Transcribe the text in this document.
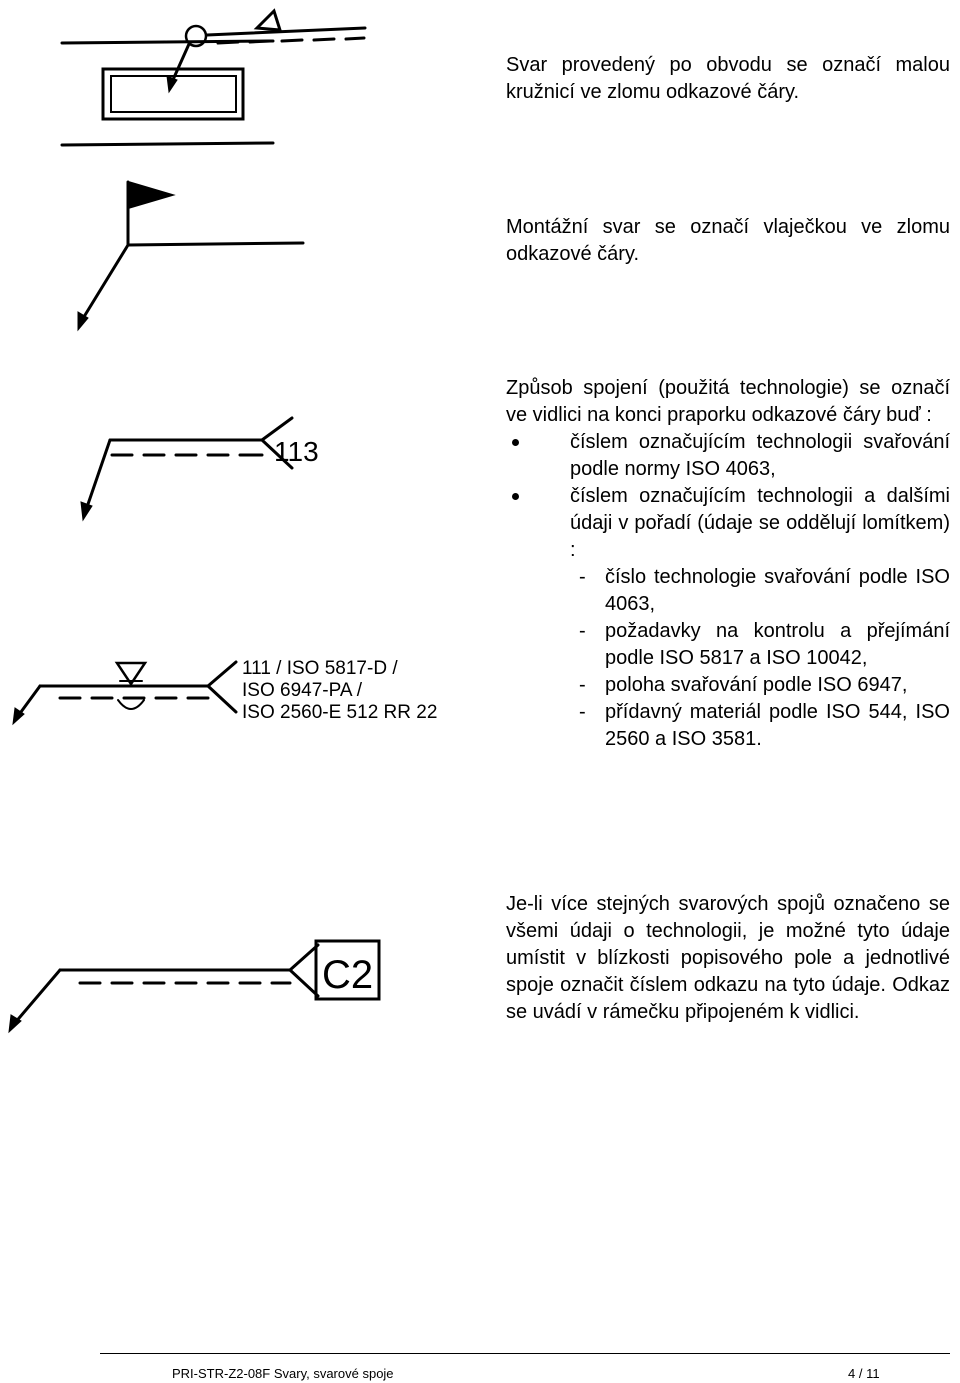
113
111 / ISO 5817-D /
ISO 6947-PA /
ISO 2560-E 512 RR 22
C2

Svar provedený po obvodu se označí malou kružnicí ve zlomu odkazové čáry.

Montážní svar se označí vlaječkou ve zlomu odkazové čáry.

Způsob spojení (použitá technologie) se označí ve vidlici na konci praporku odkazové čáry buď :

číslem označujícím technologii svařování podle normy ISO 4063,
číslem označujícím technologii a dalšími údaji v pořadí (údaje se oddělují lomítkem) :
- číslo technologie svařování podle ISO 4063,
- požadavky na kontrolu a přejímání podle ISO 5817 a ISO 10042,
- poloha svařování podle ISO 6947,
- přídavný materiál podle ISO 544, ISO 2560 a ISO 3581.

Je-li více stejných svarových spojů označeno se všemi údaji o technologii, je možné tyto údaje umístit v blízkosti popisového pole a jednotlivé spoje označit číslem odkazu na tyto údaje. Odkaz se uvádí v rámečku připojeném k vidlici.

PRI-STR-Z2-08F Svary, svarové spoje	4 / 11
